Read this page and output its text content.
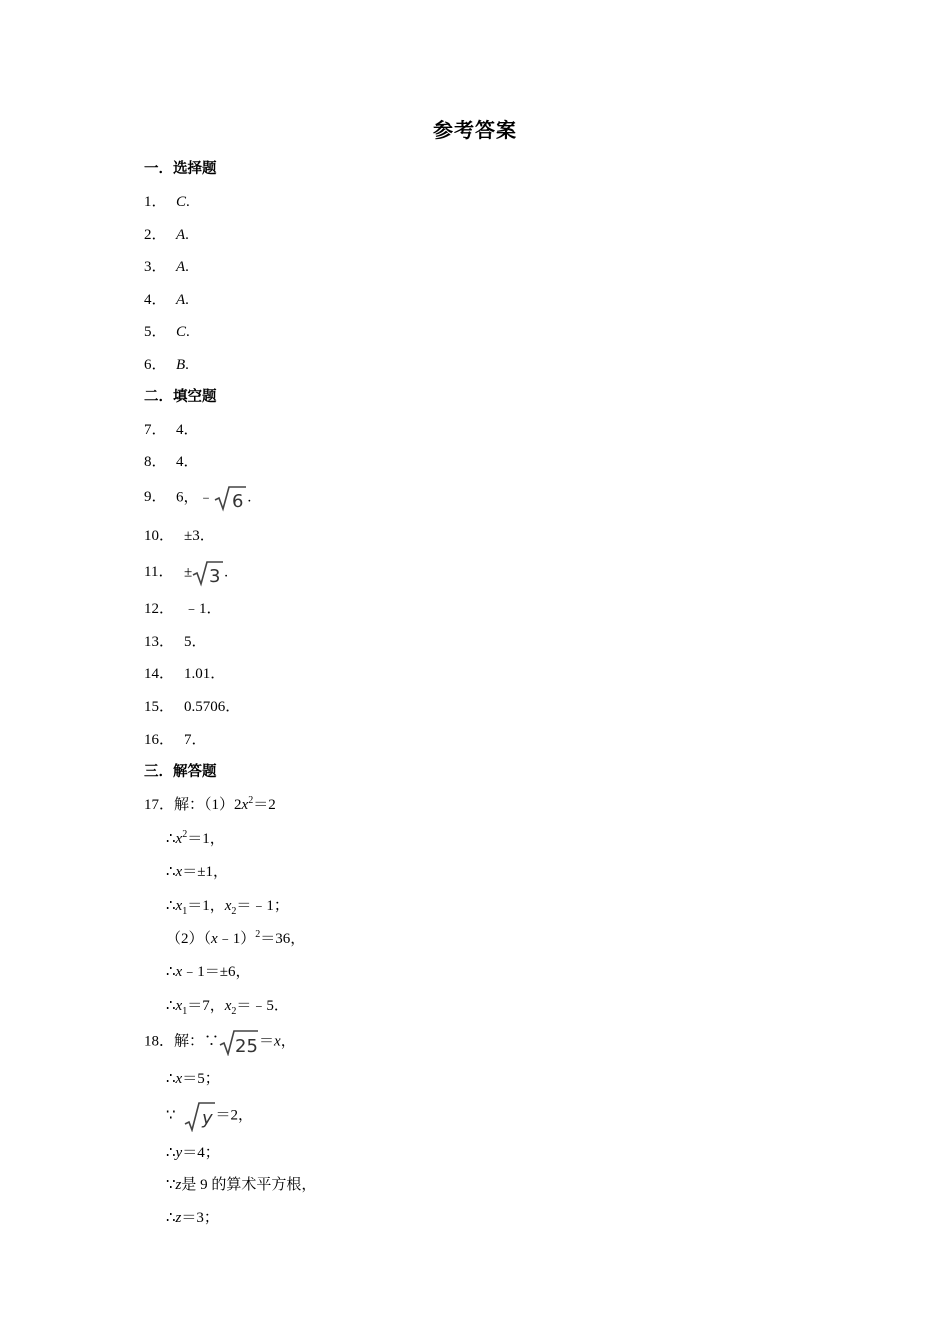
参考答案
一．选择题
1． C.
2． A.
3． A.
4． A.
5． C.
6． B.
二．填空题
7． 4．
8． 4．
9． 6，﹣ 6 .
10． ±3．
11． ± 3 .
12． ﹣1．
13． 5．
14． 1.01．
15． 0.5706．
16． 7．
三．解答题
17．解：$(1)2x^2=2$
$\therefore x^2=1$，
∴x＝±1，
$\therefore x_1=1$，$x_2=﹣1$；
（2）（x﹣1）$^2$＝36，
∴x﹣1＝±6，
$\therefore x_1=7$，$x_2=﹣5$．
18．解：∵ 25 ＝x，
∴x＝5；
∵ y ＝2，
∴y＝4；
∵z是 9 的算术平方根，
∴z＝3；
